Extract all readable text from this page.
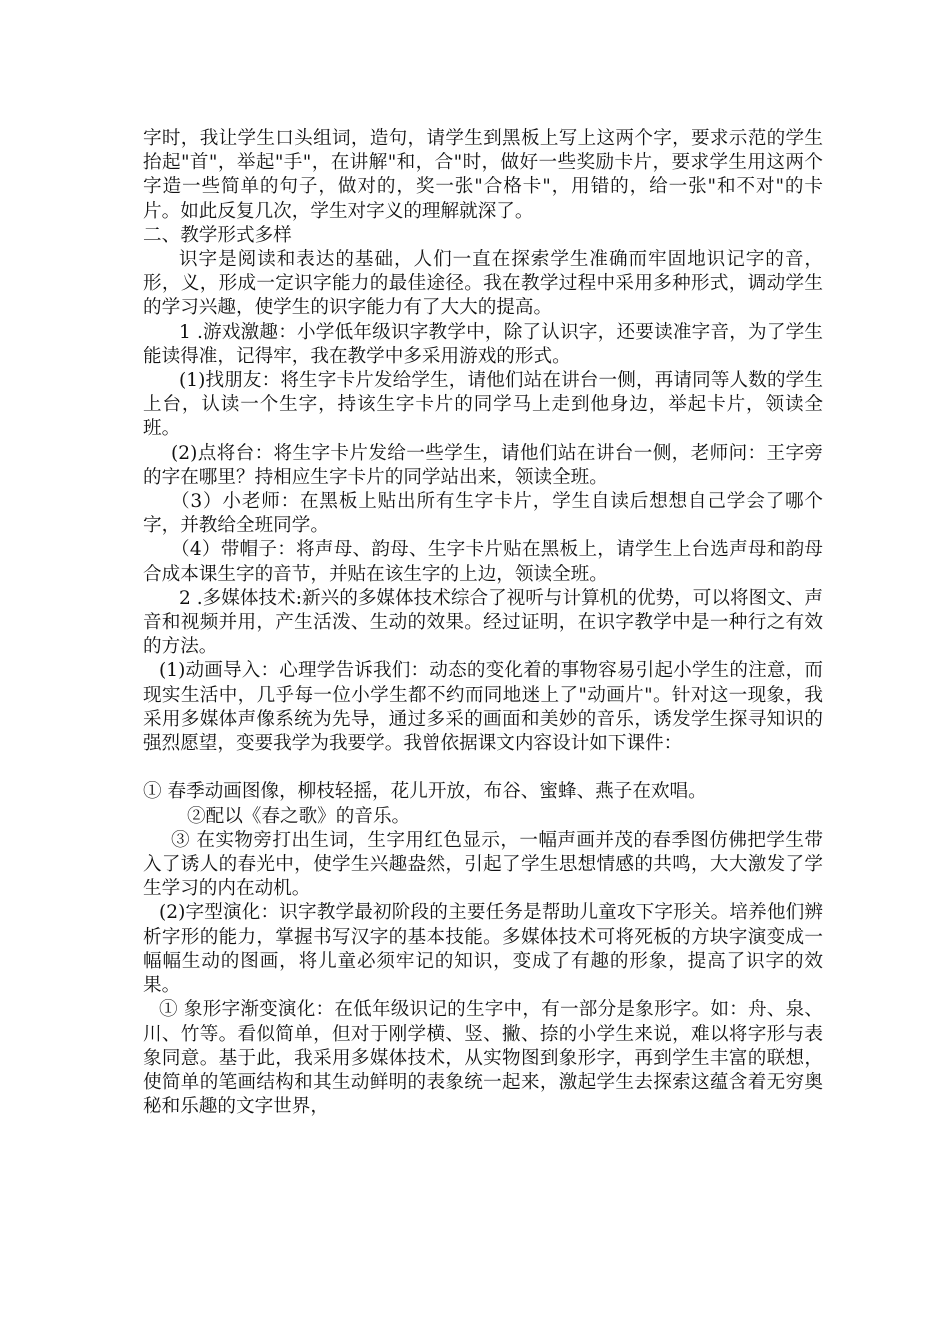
字时，我让学生口头组词，造句，请学生到黑板上写上这两个字，要求示范的学生抬起"首"，举起"手"，在讲解"和，合"时，做好一些奖励卡片，要求学生用这两个字造一些简单的句子，做对的，奖一张"合格卡"，用错的，给一张"和不对"的卡片。如此反复几次，学生对字义的理解就深了。

二、教学形式多样

识字是阅读和表达的基础，人们一直在探索学生准确而牢固地识记字的音，形，义，形成一定识字能力的最佳途径。我在教学过程中采用多种形式，调动学生的学习兴趣，使学生的识字能力有了大大的提高。

1 .游戏激趣：小学低年级识字教学中，除了认识字，还要读准字音，为了学生能读得准，记得牢，我在教学中多采用游戏的形式。

(1)找朋友：将生字卡片发给学生，请他们站在讲台一侧，再请同等人数的学生上台，认读一个生字，持该生字卡片的同学马上走到他身边，举起卡片，领读全班。

(2)点将台：将生字卡片发给一些学生，请他们站在讲台一侧，老师问：王字旁的字在哪里？持相应生字卡片的同学站出来，领读全班。

（3）小老师：在黑板上贴出所有生字卡片，学生自读后想想自己学会了哪个字，并教给全班同学。

（4）带帽子：将声母、韵母、生字卡片贴在黑板上，请学生上台选声母和韵母合成本课生字的音节，并贴在该生字的上边，领读全班。

2 .多媒体技术:新兴的多媒体技术综合了视听与计算机的优势，可以将图文、声音和视频并用，产生活泼、生动的效果。经过证明，在识字教学中是一种行之有效的方法。

(1)动画导入：心理学告诉我们：动态的变化着的事物容易引起小学生的注意，而现实生活中，几乎每一位小学生都不约而同地迷上了"动画片"。针对这一现象，我采用多媒体声像系统为先导，通过多采的画面和美妙的音乐，诱发学生探寻知识的强烈愿望，变要我学为我要学。我曾依据课文内容设计如下课件：

① 春季动画图像，柳枝轻摇，花儿开放，布谷、蜜蜂、燕子在欢唱。

②配以《春之歌》的音乐。

③ 在实物旁打出生词，生字用红色显示，一幅声画并茂的春季图仿佛把学生带入了诱人的春光中，使学生兴趣盎然，引起了学生思想情感的共鸣，大大激发了学生学习的内在动机。

(2)字型演化：识字教学最初阶段的主要任务是帮助儿童攻下字形关。培养他们辨析字形的能力，掌握书写汉字的基本技能。多媒体技术可将死板的方块字演变成一幅幅生动的图画，将儿童必须牢记的知识，变成了有趣的形象，提高了识字的效果。

① 象形字渐变演化：在低年级识记的生字中，有一部分是象形字。如：舟、泉、川、竹等。看似简单，但对于刚学横、竖、撇、捺的小学生来说，难以将字形与表象同意。基于此，我采用多媒体技术，从实物图到象形字，再到学生丰富的联想，使简单的笔画结构和其生动鲜明的表象统一起来，激起学生去探索这蕴含着无穷奥秘和乐趣的文字世界，
